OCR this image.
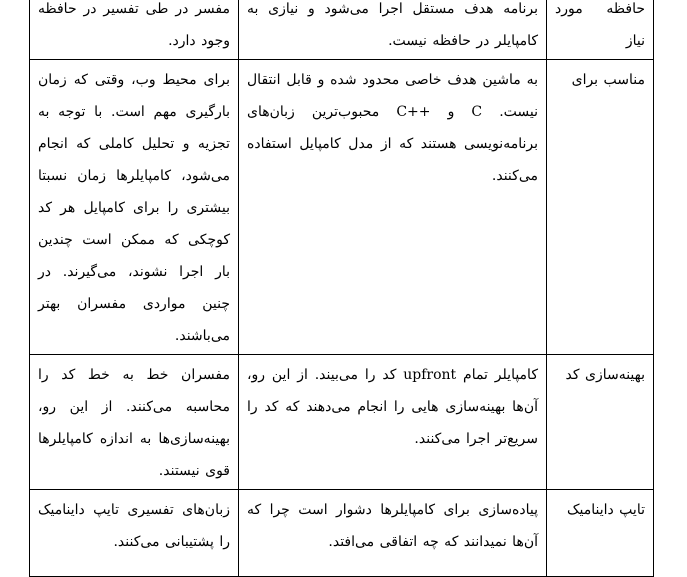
حافظه مورد نیاز	برنامه هدف مستقل اجرا می‌شود و نیازی به کامپایلر در حافظه نیست.	مفسر در طی تفسیر در حافظه وجود دارد.
مناسب برای	به ماشین هدف خاصی محدود شده و قابل انتقال نیست. C و ++C محبوب‌ترین زبان‌های برنامه‌نویسی هستند که از مدل کامپایل استفاده می‌کنند.	برای محیط وب، وقتی که زمان بارگیری مهم است. با توجه به تجزیه و تحلیل کاملی که انجام می‌شود، کامپایلرها زمان نسبتا بیشتری را برای کامپایل هر کد کوچکی که ممکن است چندین بار اجرا نشوند، می‌گیرند. در چنین مواردی مفسران بهتر می‌باشند.
بهینه‌سازی کد	کامپایلر تمام upfront کد را می‌بیند. از این رو، آن‌ها بهینه‌سازی هایی را انجام می‌دهند که کد را سریع‌تر اجرا می‌کنند.	مفسران خط به خط کد را محاسبه می‌کنند. از این رو، بهینه‌سازی‌ها به اندازه کامپایلرها قوی نیستند.
تایپ داینامیک	پیاده‌سازی برای کامپایلرها دشوار است چرا که آن‌ها نمیدانند که چه اتفاقی می‌افتد.	زبان‌های تفسیری تایپ داینامیک را پشتیبانی می‌کنند.
